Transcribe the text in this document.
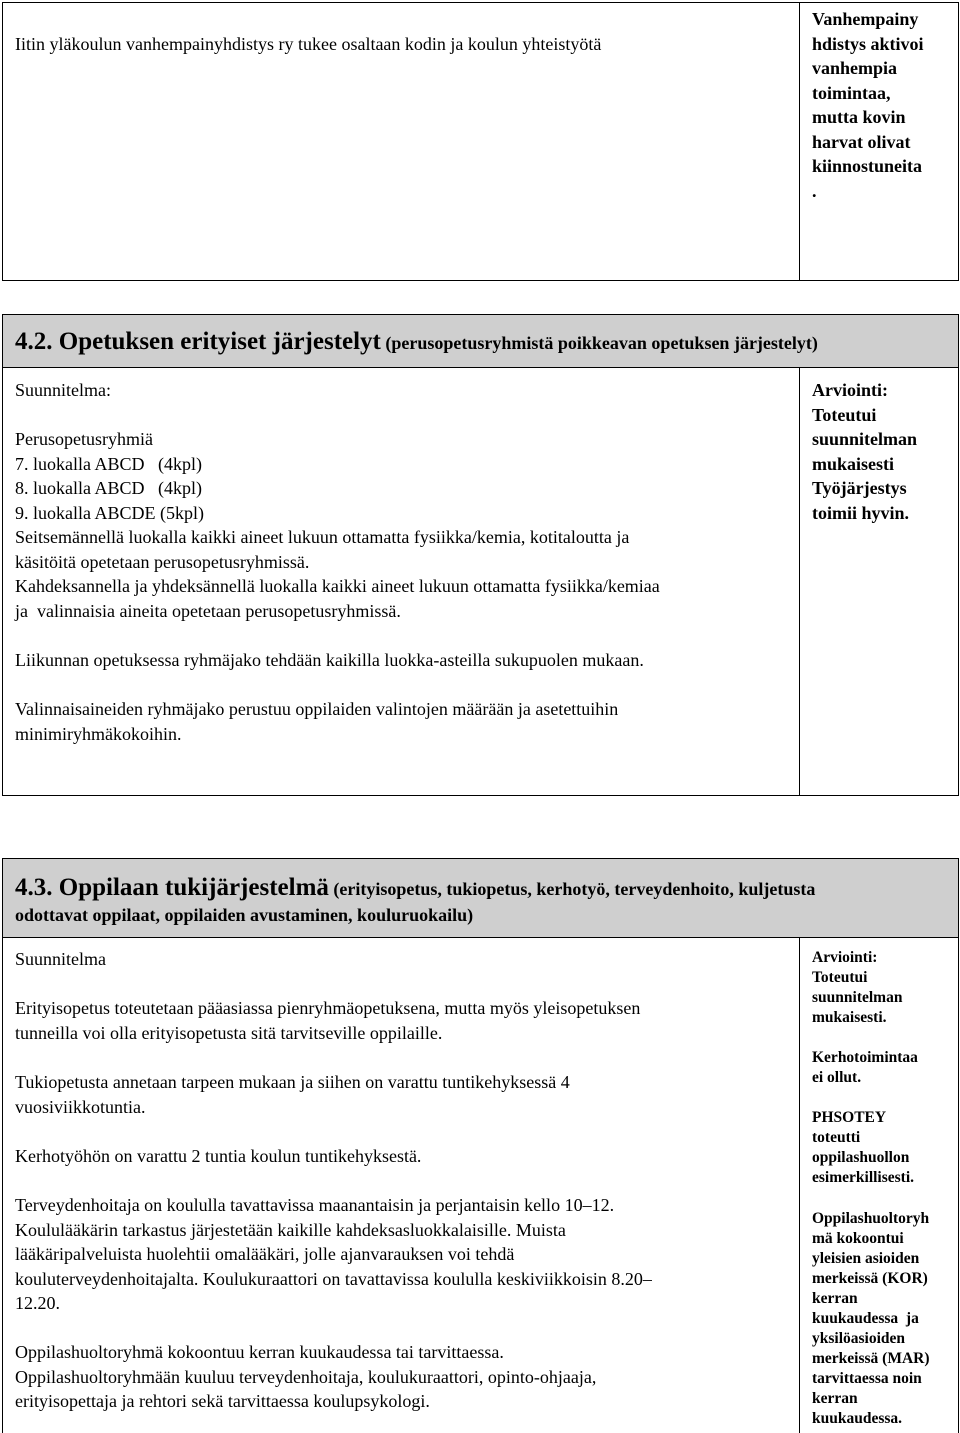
Iitin yläkoulun vanhempainyhdistys ry tukee osaltaan kodin ja koulun yhteistyötä

Vanhempainy

hdistys aktivoi

vanhempia

toimintaa,

mutta kovin

harvat olivat

kiinnostuneita

.

4.2. Opetuksen erityiset järjestelyt (perusopetusryhmistä poikkeavan opetuksen järjestelyt)

Suunnitelma:

Perusopetusryhmiä

7. luokalla ABCD   (4kpl)

8. luokalla ABCD   (4kpl)

9. luokalla ABCDE (5kpl)

Seitsemännellä luokalla kaikki aineet lukuun ottamatta fysiikka/kemia, kotitaloutta ja

käsitöitä opetetaan perusopetusryhmissä.

Kahdeksannella ja yhdeksännellä luokalla kaikki aineet lukuun ottamatta fysiikka/kemiaa

ja  valinnaisia aineita opetetaan perusopetusryhmissä.

Liikunnan opetuksessa ryhmäjako tehdään kaikilla luokka-asteilla sukupuolen mukaan.

Valinnaisaineiden ryhmäjako perustuu oppilaiden valintojen määrään ja asetettuihin

minimiryhmäkokoihin.

Arviointi:

Toteutui

suunnitelman

mukaisesti

Työjärjestys

toimii hyvin.

4.3. Oppilaan tukijärjestelmä (erityisopetus, tukiopetus, kerhotyö, terveydenhoito, kuljetusta
odottavat oppilaat, oppilaiden avustaminen, kouluruokailu)
Suunnitelma

Erityisopetus toteutetaan pääasiassa pienryhmäopetuksena, mutta myös yleisopetuksen

tunneilla voi olla erityisopetusta sitä tarvitseville oppilaille.

Tukiopetusta annetaan tarpeen mukaan ja siihen on varattu tuntikehyksessä 4

vuosiviikkotuntia.

Kerhotyöhön on varattu 2 tuntia koulun tuntikehyksestä.

Terveydenhoitaja on koululla tavattavissa maanantaisin ja perjantaisin kello 10–12.

Koululääkärin tarkastus järjestetään kaikille kahdeksasluokkalaisille. Muista

lääkäripalveluista huolehtii omalääkäri, jolle ajanvarauksen voi tehdä

kouluterveydenhoitajalta. Koulukuraattori on tavattavissa koululla keskiviikkoisin 8.20–

12.20.

Oppilashuoltoryhmä kokoontuu kerran kuukaudessa tai tarvittaessa.

Oppilashuoltoryhmään kuuluu terveydenhoitaja, koulukuraattori, opinto-ohjaaja,

erityisopettaja ja rehtori sekä tarvittaessa koulupsykologi.

Arviointi:

Toteutui

suunnitelman

mukaisesti.

Kerhotoimintaa

ei ollut.

PHSOTEY

toteutti

oppilashuollon

esimerkillisesti.

Oppilashuoltoryh

mä kokoontui

yleisien asioiden

merkeissä (KOR)

kerran

kuukaudessa  ja

yksilöasioiden

merkeissä (MAR)

tarvittaessa noin

kerran

kuukaudessa.
